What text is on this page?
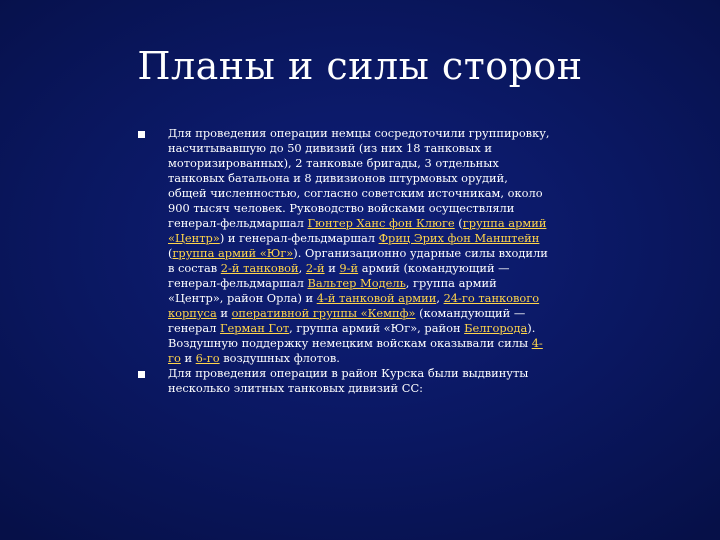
Планы и силы сторон
Для проведения операции немцы сосредоточили группировку, насчитывавшую до 50 дивизий (из них 18 танковых и моторизированных), 2 танковые бригады, 3 отдельных танковых батальона и 8 дивизионов штурмовых орудий, общей численностью, согласно советским источникам, около 900 тысяч человек. Руководство войсками осуществляли генерал-фельдмаршал Гюнтер Ханс фон Клюге (группа армий «Центр») и генерал-фельдмаршал Фриц Эрих фон Манштейн (группа армий «Юг»). Организационно ударные силы входили в состав 2-й танковой, 2-й и 9-й армий (командующий — генерал-фельдмаршал Вальтер Модель, группа армий «Центр», район Орла) и 4-й танковой армии, 24-го танкового корпуса и оперативной группы «Кемпф» (командующий — генерал Герман Гот, группа армий «Юг», район Белгорода). Воздушную поддержку немецким войскам оказывали силы 4-го и 6-го воздушных флотов.
Для проведения операции в район Курска были выдвинуты несколько элитных танковых дивизий СС:
